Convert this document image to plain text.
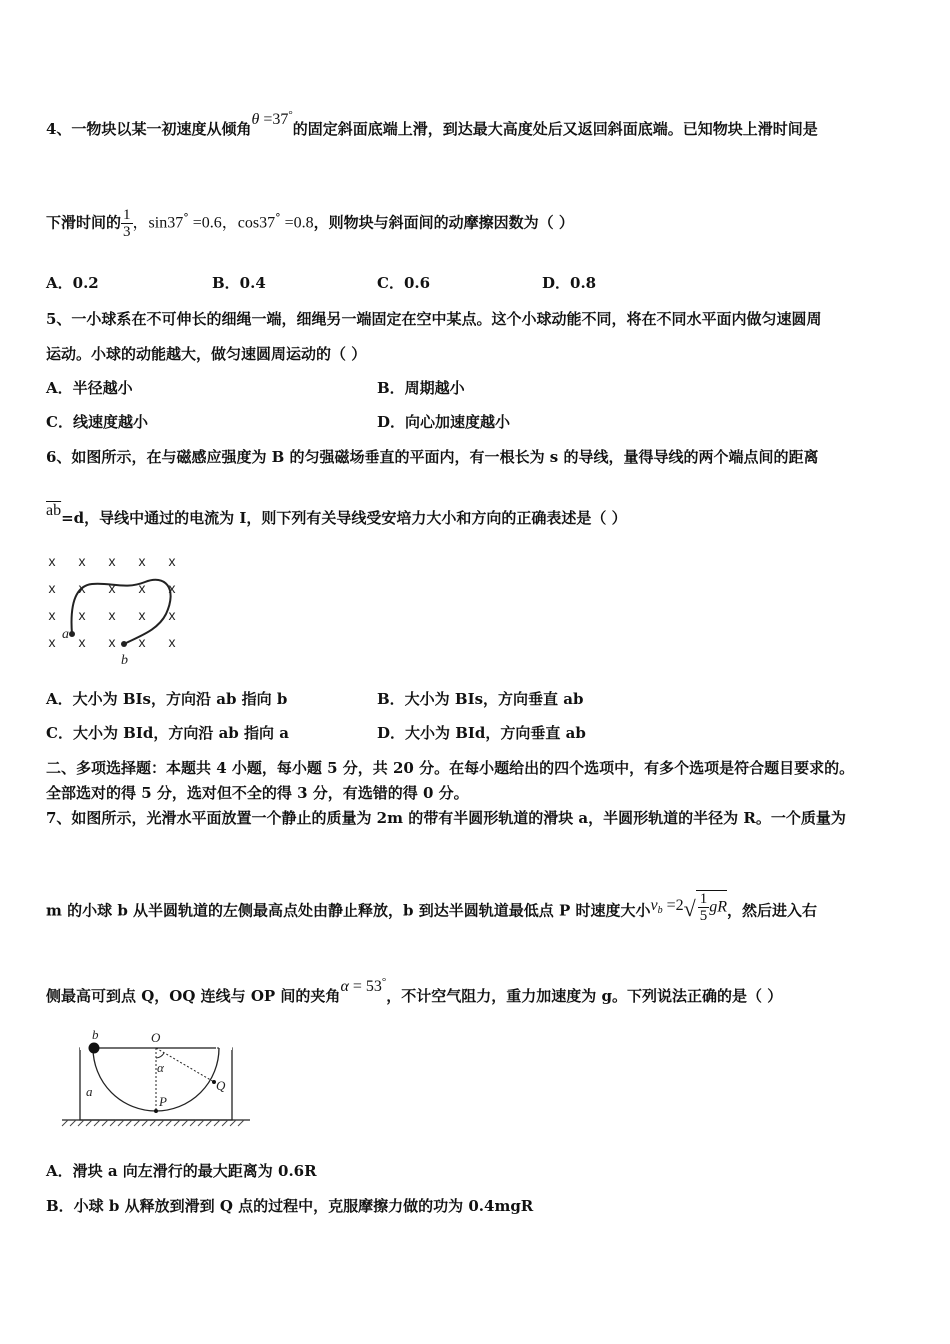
4、一物块以某一初速度从倾角θ =37°的固定斜面底端上滑，到达最大高度处后又返回斜面底端。已知物块上滑时间是
下滑时间的 $\frac{1}{3}$ ，sin37° =0.6，cos37° =0.8，则物块与斜面间的动摩擦因数为（ ）
A．0.2	B．0.4	C．0.6	D．0.8
5、一小球系在不可伸长的细绳一端，细绳另一端固定在空中某点。这个小球动能不同，将在不同水平面内做匀速圆周
运动。小球的动能越大，做匀速圆周运动的（ ）
A．半径越小	B．周期越小
C．线速度越小	D．向心加速度越小
6、如图所示，在与磁感应强度为 B 的匀强磁场垂直的平面内，有一根长为 s 的导线，量得导线的两个端点间的距离
$\overline{ab}=d$，导线中通过的电流为 I，则下列有关导线受安培力大小和方向的正确表述是（ ）
x x x x x
x x x x x
x x x x x
x x x x x
a
b
A．大小为 BIs，方向沿 ab 指向 b	B．大小为 BIs，方向垂直 ab
C．大小为 BId，方向沿 ab 指向 a	D．大小为 BId，方向垂直 ab
二、多项选择题：本题共 4 小题，每小题 5 分，共 20 分。在每小题给出的四个选项中，有多个选项是符合题目要求的。
全部选对的得 5 分，选对但不全的得 3 分，有选错的得 0 分。
7、如图所示，光滑水平面放置一个静止的质量为 2m 的带有半圆形轨道的滑块 a，半圆形轨道的半径为 R。一个质量为
m 的小球 b 从半圆轨道的左侧最高点处由静止释放，b 到达半圆轨道最低点 P 时速度大小vb $=2√ \frac{1}{5}$ gR，然后进入右
侧最高可到点 Q，OQ 连线与 OP 间的夹角α = 53°，不计空气阻力，重力加速度为 g。下列说法正确的是（ ）
b	O
α
Q
a
P
A．滑块 a 向左滑行的最大距离为 0.6R
B．小球 b 从释放到滑到 Q 点的过程中，克服摩擦力做的功为 0.4mgR
